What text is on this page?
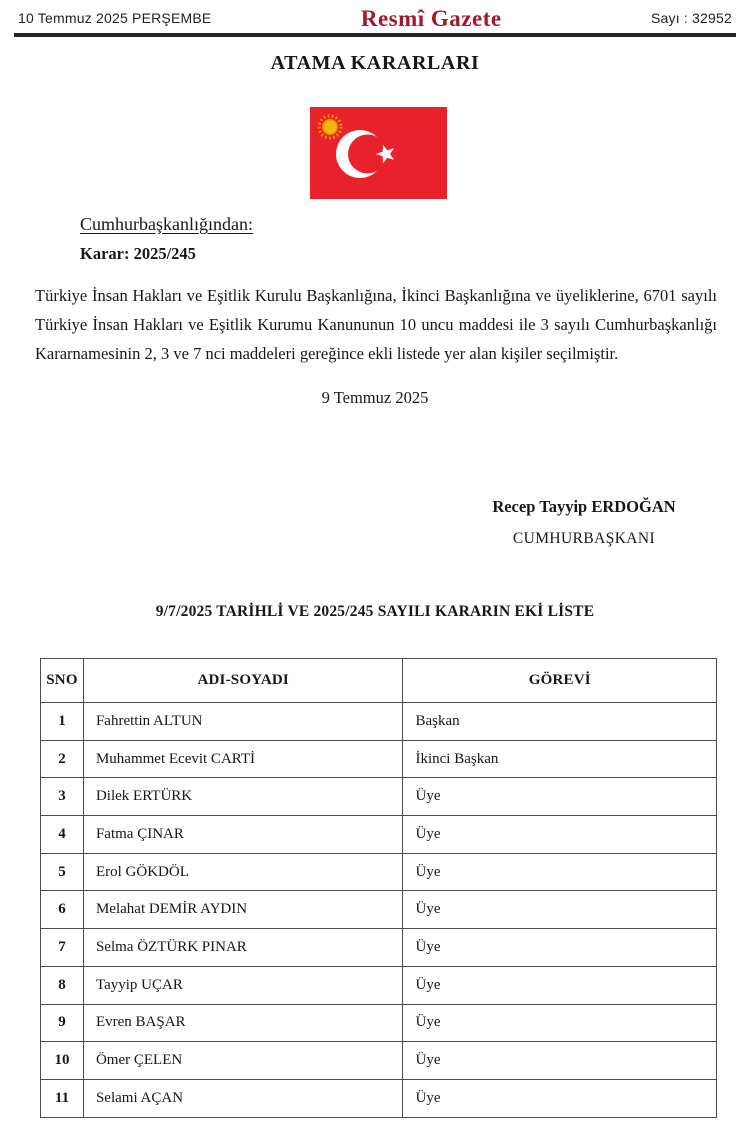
10 Temmuz 2025 PERŞEMBE	Resmî Gazete	Sayı : 32952
ATAMA KARARLARI
Cumhurbaşkanlığından:
Karar: 2025/245

Türkiye İnsan Hakları ve Eşitlik Kurulu Başkanlığına, İkinci Başkanlığına ve üyeliklerine, 6701 sayılı Türkiye İnsan Hakları ve Eşitlik Kurumu Kanununun 10 uncu maddesi ile 3 sayılı Cumhurbaşkanlığı Kararnamesinin 2, 3 ve 7 nci maddeleri gereğince ekli listede yer alan kişiler seçilmiştir.

9 Temmuz 2025
Recep Tayyip ERDOĞAN
CUMHURBAŞKANI
9/7/2025 TARİHLİ VE 2025/245 SAYILI KARARIN EKİ LİSTE
SNO	ADI-SOYADI	GÖREVİ
1	Fahrettin ALTUN	Başkan
2	Muhammet Ecevit CARTİ	İkinci Başkan
3	Dilek ERTÜRK	Üye
4	Fatma ÇINAR	Üye
5	Erol GÖKDÖL	Üye
6	Melahat DEMİR AYDIN	Üye
7	Selma ÖZTÜRK PINAR	Üye
8	Tayyip UÇAR	Üye
9	Evren BAŞAR	Üye
10	Ömer ÇELEN	Üye
11	Selami AÇAN	Üye
